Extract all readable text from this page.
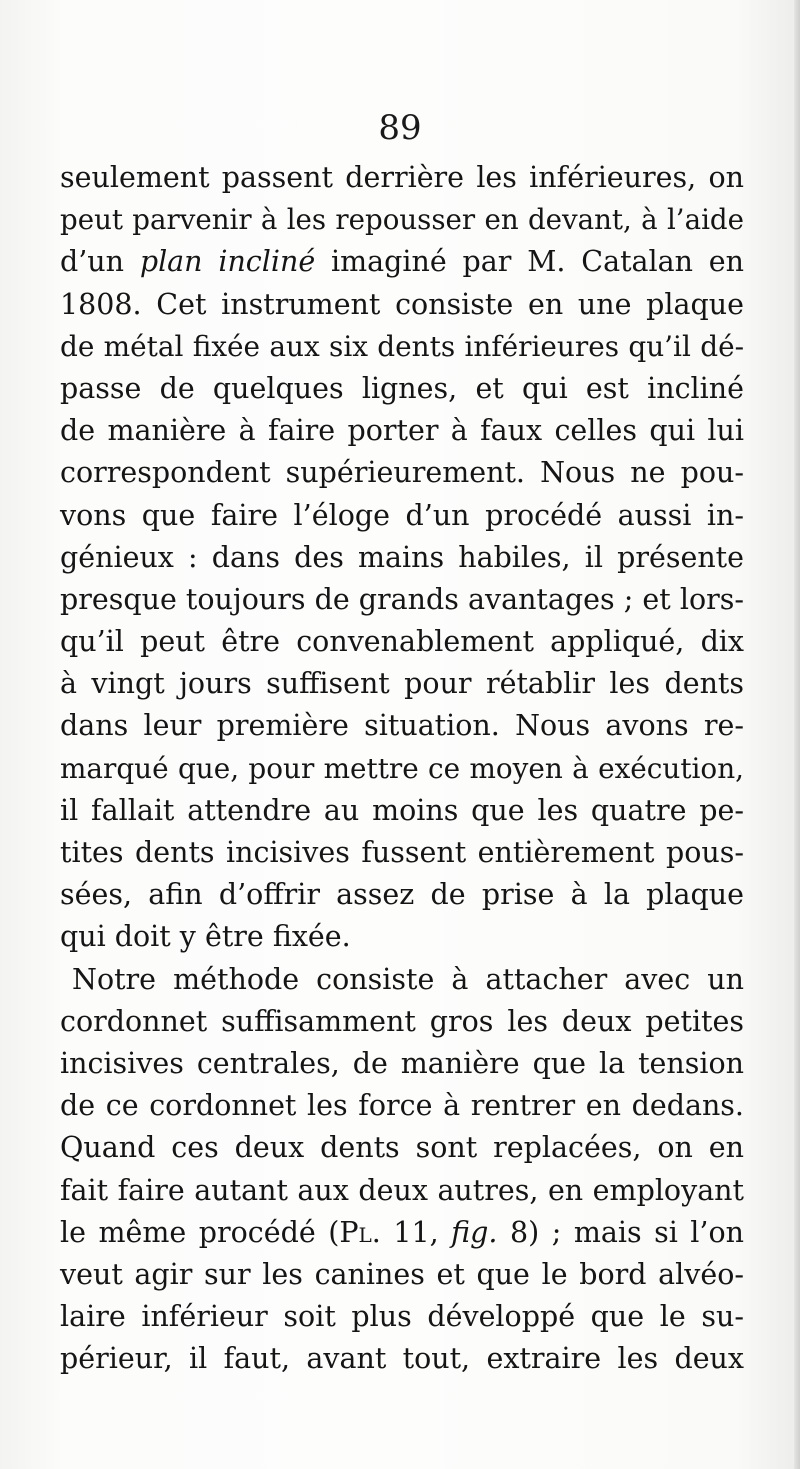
89
seulement passent derrière les inférieures, on
peut parvenir à les repousser en devant, à l’aide
d’un plan incliné imaginé par M. Catalan en
1808. Cet instrument consiste en une plaque
de métal fixée aux six dents inférieures qu’il dé-
passe de quelques lignes, et qui est incliné
de manière à faire porter à faux celles qui lui
correspondent supérieurement. Nous ne pou-
vons que faire l’éloge d’un procédé aussi in-
génieux : dans des mains habiles, il présente
presque toujours de grands avantages ; et lors-
qu’il peut être convenablement appliqué, dix
à vingt jours suffisent pour rétablir les dents
dans leur première situation. Nous avons re-
marqué que, pour mettre ce moyen à exécution,
il fallait attendre au moins que les quatre pe-
tites dents incisives fussent entièrement pous-
sées, afin d’offrir assez de prise à la plaque
qui doit y être fixée.
Notre méthode consiste à attacher avec un
cordonnet suffisamment gros les deux petites
incisives centrales, de manière que la tension
de ce cordonnet les force à rentrer en dedans.
Quand ces deux dents sont replacées, on en
fait faire autant aux deux autres, en employant
le même procédé (Pl. 11, fig. 8) ; mais si l’on
veut agir sur les canines et que le bord alvéo-
laire inférieur soit plus développé que le su-
périeur, il faut, avant tout, extraire les deux
